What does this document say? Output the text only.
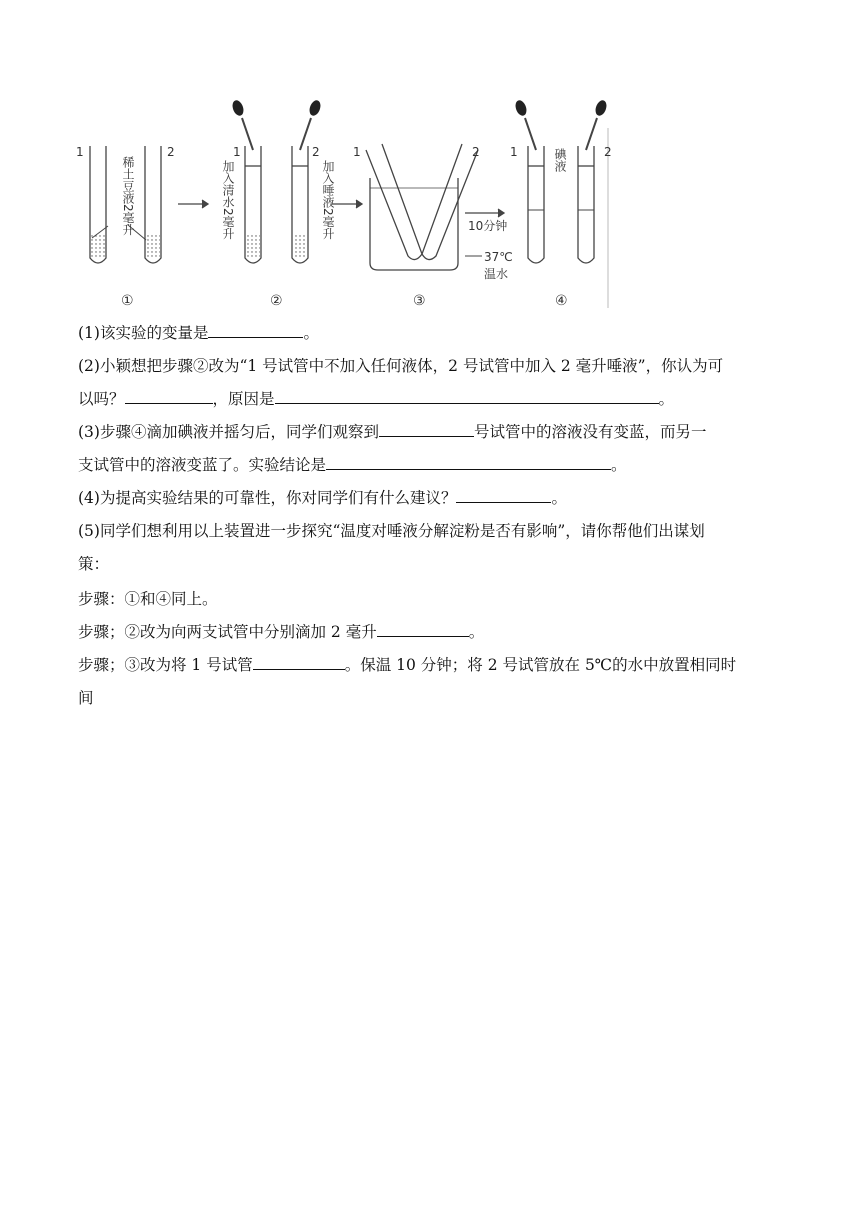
1	2	1	2	1	2	1	2
稀土豆液2毫升	加入清水2毫升	加入唾液2毫升	碘液
10分钟
37℃
温水
①	②	③	④
(1)该实验的变量是	。
(2)小颖想把步骤②改为“1 号试管中不加入任何液体，2 号试管中加入 2 毫升唾液”，你认为可
以吗？	，原因是	。
(3)步骤④滴加碘液并摇匀后，同学们观察到	号试管中的溶液没有变蓝，而另一
支试管中的溶液变蓝了。实验结论是	。
(4)为提高实验结果的可靠性，你对同学们有什么建议？	。
(5)同学们想利用以上装置进一步探究“温度对唾液分解淀粉是否有影响”，请你帮他们出谋划
策：
步骤：①和④同上。
步骤；②改为向两支试管中分别滴加 2 毫升	。
步骤；③改为将 1 号试管	。保温 10 分钟；将 2 号试管放在 5℃的水中放置相同时
间
